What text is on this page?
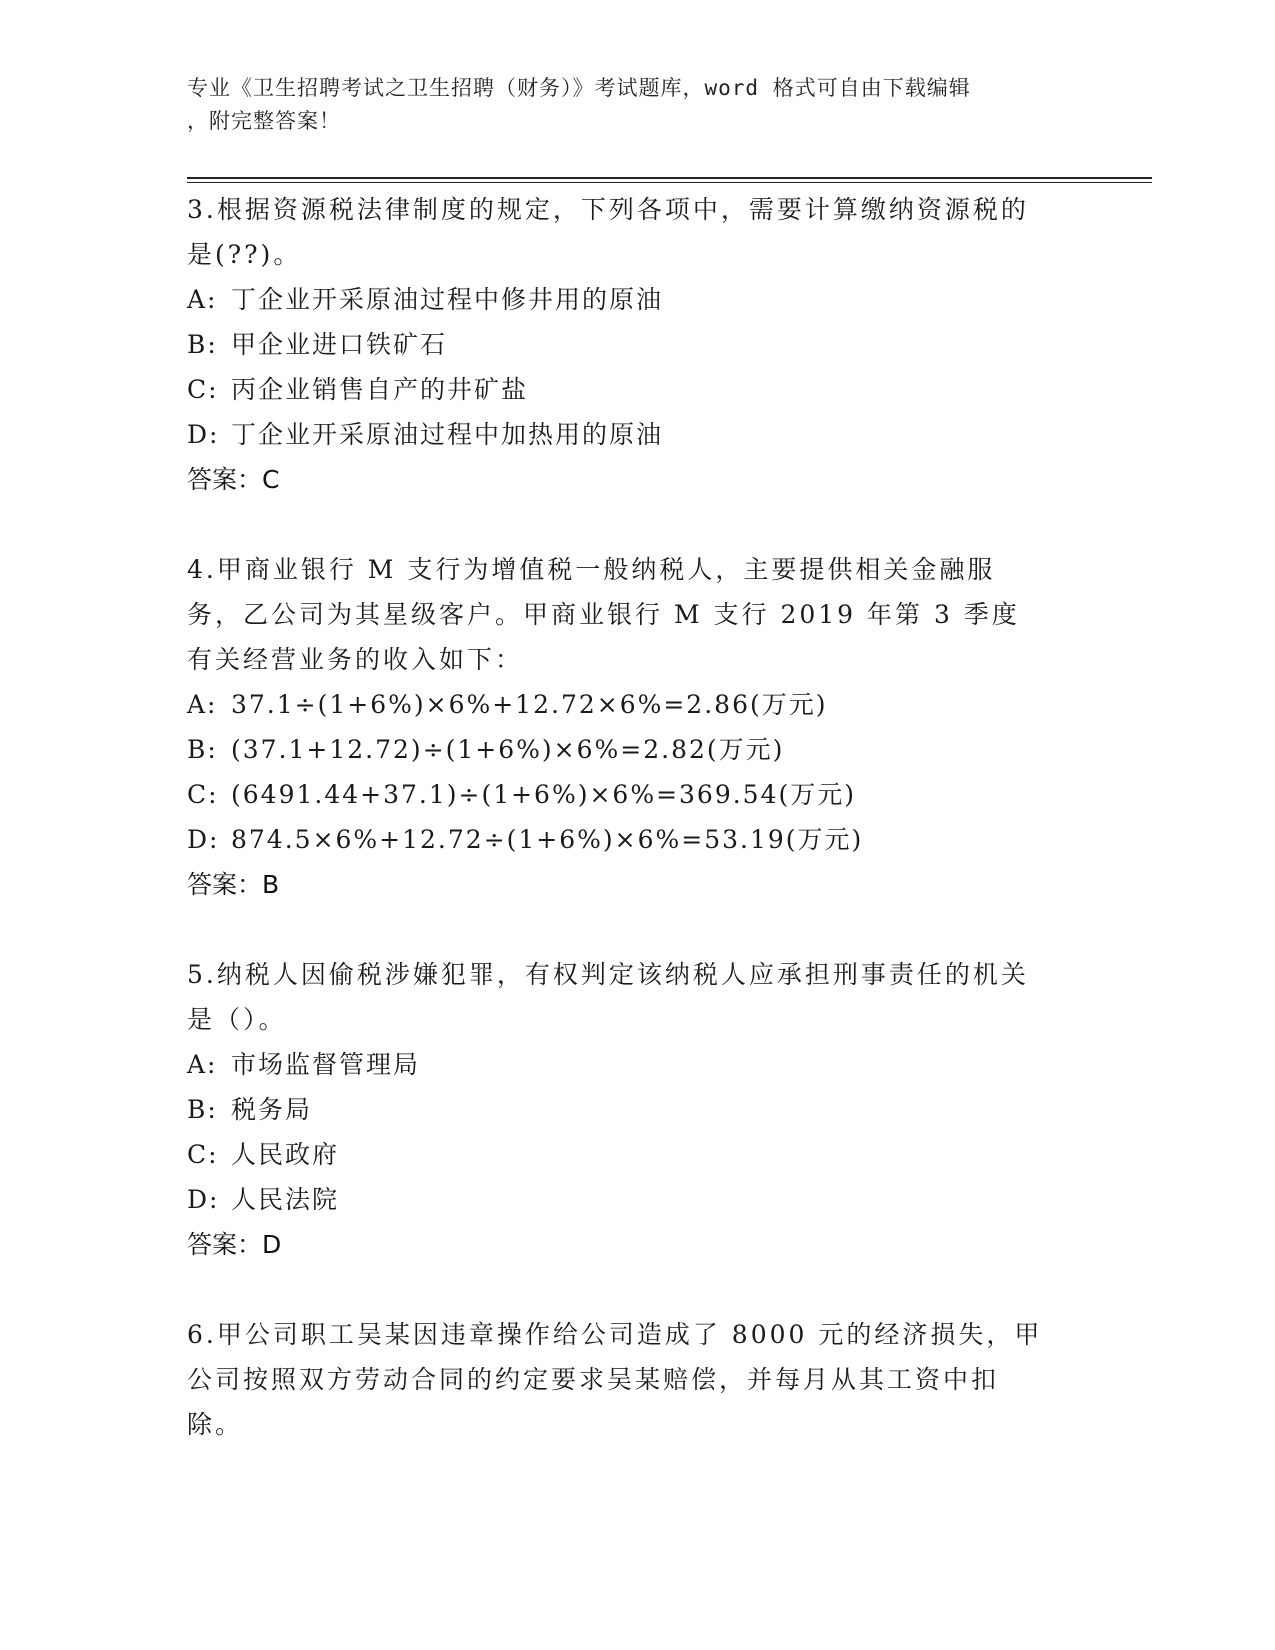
专业《卫生招聘考试之卫生招聘（财务）》考试题库，word 格式可自由下载编辑
，附完整答案！

3.根据资源税法律制度的规定，下列各项中，需要计算缴纳资源税的是(??)。

A: 丁企业开采原油过程中修井用的原油

B: 甲企业进口铁矿石

C: 丙企业销售自产的井矿盐

D: 丁企业开采原油过程中加热用的原油

答案：C

4.甲商业银行 M 支行为增值税一般纳税人，主要提供相关金融服务，乙公司为其星级客户。甲商业银行 M 支行 2019 年第 3 季度有关经营业务的收入如下：

A: 37.1÷(1+6%)×6%+12.72×6%=2.86(万元)

B: (37.1+12.72)÷(1+6%)×6%=2.82(万元)

C: (6491.44+37.1)÷(1+6%)×6%=369.54(万元)

D: 874.5×6%+12.72÷(1+6%)×6%=53.19(万元)

答案：B

5.纳税人因偷税涉嫌犯罪，有权判定该纳税人应承担刑事责任的机关是（）。

A: 市场监督管理局

B: 税务局

C: 人民政府

D: 人民法院

答案：D

6.甲公司职工吴某因违章操作给公司造成了 8000 元的经济损失，甲公司按照双方劳动合同的约定要求吴某赔偿，并每月从其工资中扣除。
